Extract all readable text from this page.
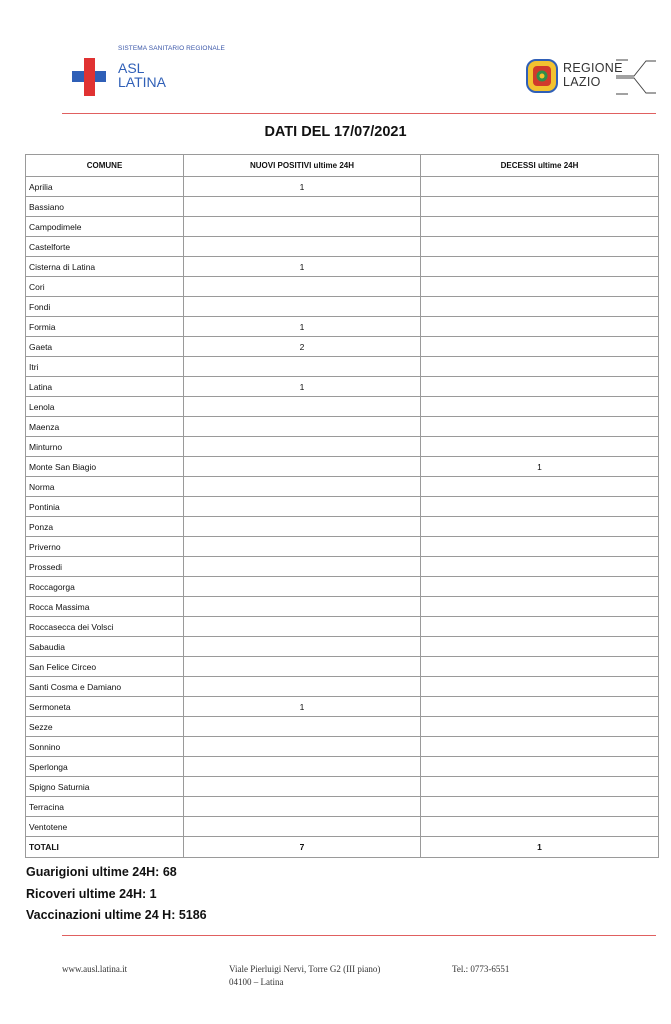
SISTEMA SANITARIO REGIONALE
ASL
LATINA
REGIONE
LAZIO
DATI DEL 17/07/2021
COMUNE	NUOVI POSITIVI ultime 24H	DECESSI ultime 24H
Aprilia	1	
Bassiano		
Campodimele		
Castelforte		
Cisterna di Latina	1	
Cori		
Fondi		
Formia	1	
Gaeta	2	
Itri		
Latina	1	
Lenola		
Maenza		
Minturno		
Monte San Biagio		1
Norma		
Pontinia		
Ponza		
Priverno		
Prossedi		
Roccagorga		
Rocca Massima		
Roccasecca dei Volsci		
Sabaudia		
San Felice Circeo		
Santi Cosma e Damiano		
Sermoneta	1	
Sezze		
Sonnino		
Sperlonga		
Spigno Saturnia		
Terracina		
Ventotene		
TOTALI	7	1
Guarigioni ultime 24H: 68
Ricoveri ultime 24H: 1
Vaccinazioni ultime 24 H: 5186
www.ausl.latina.it	Viale Pierluigi Nervi, Torre G2 (III piano)
04100 – Latina
Tel.: 0773-6551
